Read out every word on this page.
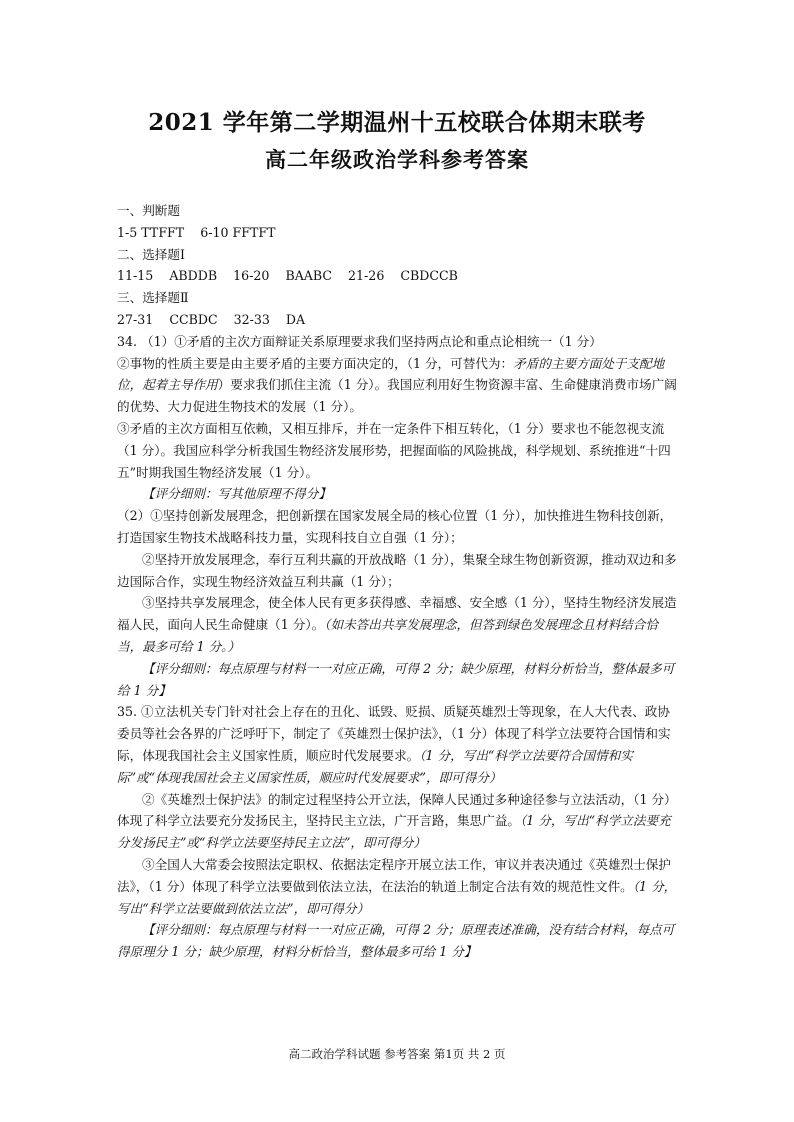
2021 学年第二学期温州十五校联合体期末联考
高二年级政治学科参考答案

一、判断题

1-5 TTFFT    6-10 FFTFT

二、选择题Ⅰ

11-15    ABDDB    16-20    BAABC    21-26    CBDCCB

三、选择题Ⅱ

27-31    CCBDC    32-33    DA

34. （1）①矛盾的主次方面辩证关系原理要求我们坚持两点论和重点论相统一（1 分）

②事物的性质主要是由主要矛盾的主要方面决定的，（1 分，可替代为：矛盾的主要方面处于支配地位，起着主导作用）要求我们抓住主流（1 分）。我国应利用好生物资源丰富、生命健康消费市场广阔的优势、大力促进生物技术的发展（1 分）。

③矛盾的主次方面相互依赖，又相互排斥，并在一定条件下相互转化，（1 分）要求也不能忽视支流（1 分）。我国应科学分析我国生物经济发展形势，把握面临的风险挑战，科学规划、系统推进“十四五”时期我国生物经济发展（1 分）。

【评分细则：写其他原理不得分】

（2）①坚持创新发展理念，把创新摆在国家发展全局的核心位置（1 分），加快推进生物科技创新，打造国家生物技术战略科技力量，实现科技自立自强（1 分）；

②坚持开放发展理念，奉行互利共赢的开放战略（1 分），集聚全球生物创新资源，推动双边和多边国际合作，实现生物经济效益互利共赢（1 分）；

③坚持共享发展理念，使全体人民有更多获得感、幸福感、安全感（1 分），坚持生物经济发展造福人民，面向人民生命健康（1 分）。（如未答出共享发展理念，但答到绿色发展理念且材料结合恰当，最多可给 1 分。）

【评分细则：每点原理与材料一一对应正确，可得 2 分；缺少原理，材料分析恰当，整体最多可给 1 分】

35. ①立法机关专门针对社会上存在的丑化、诋毁、贬损、质疑英雄烈士等现象，在人大代表、政协委员等社会各界的广泛呼吁下，制定了《英雄烈士保护法》，（1 分）体现了科学立法要符合国情和实际，体现我国社会主义国家性质，顺应时代发展要求。（1 分，写出“科学立法要符合国情和实际”或“体现我国社会主义国家性质，顺应时代发展要求”，即可得分）

②《英雄烈士保护法》的制定过程坚持公开立法，保障人民通过多种途径参与立法活动，（1 分）体现了科学立法要充分发扬民主，坚持民主立法，广开言路，集思广益。（1 分，写出“科学立法要充分发扬民主”或“科学立法要坚持民主立法”，即可得分）

③全国人大常委会按照法定职权、依据法定程序开展立法工作，审议并表决通过《英雄烈士保护法》，（1 分）体现了科学立法要做到依法立法，在法治的轨道上制定合法有效的规范性文件。（1 分，写出“科学立法要做到依法立法”，即可得分）

【评分细则：每点原理与材料一一对应正确，可得 2 分；原理表述准确，没有结合材料，每点可得原理分 1 分；缺少原理，材料分析恰当，整体最多可给 1 分】

高二政治学科试题 参考答案 第1页 共 2 页
